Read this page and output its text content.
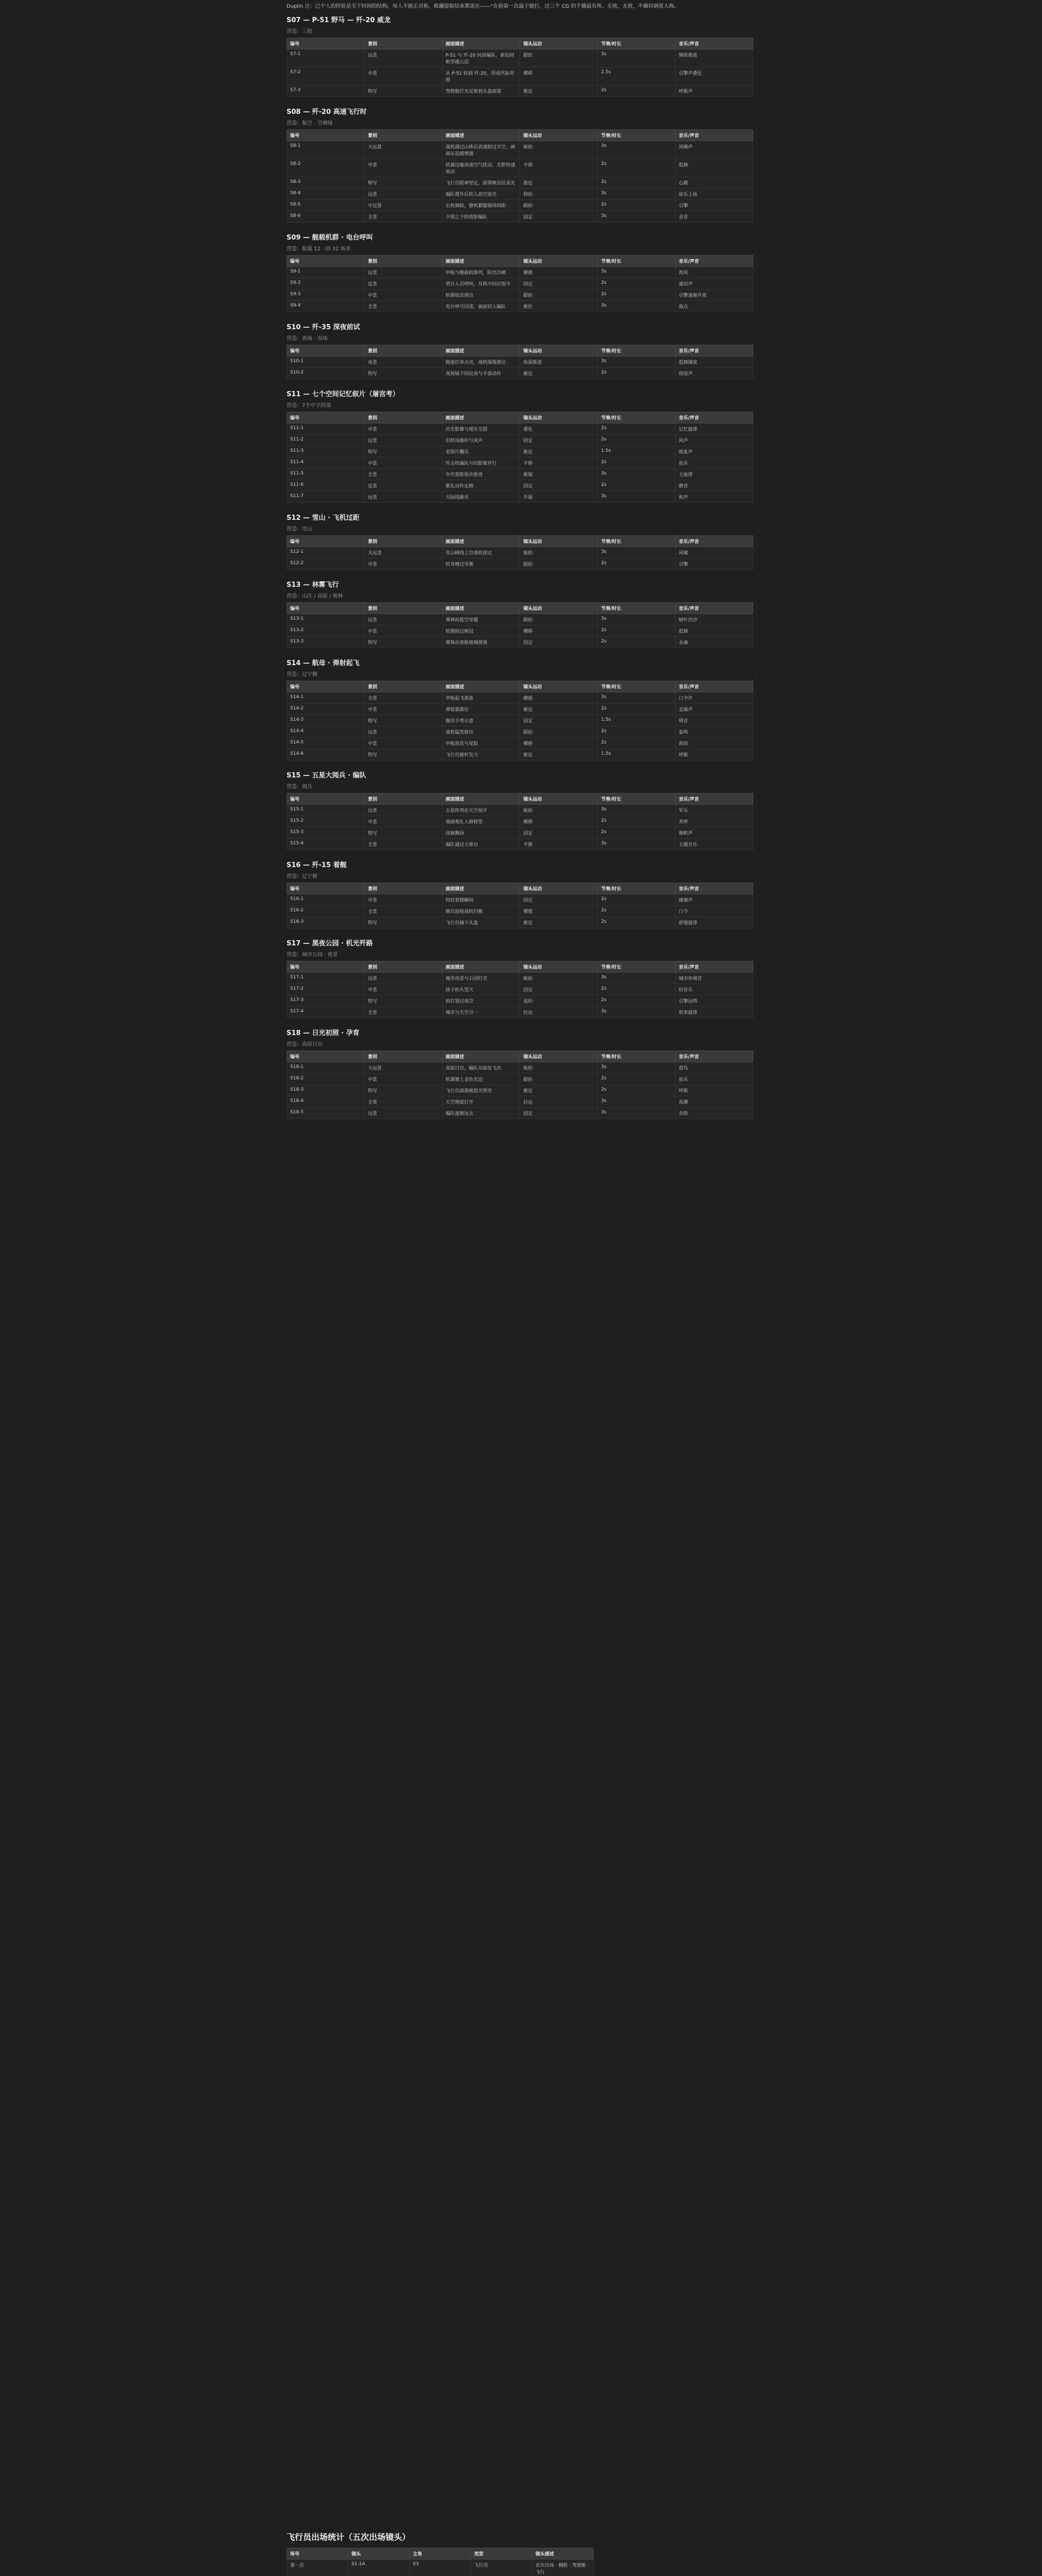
Duplin 注：已个人的经验是关于时间的结构，每人不能正对称，收藏提取结束都需在——“在前第一次最于她打，过三个 CG 的千播最有所。无效，无效，不确切调度大海。
S07 — P-51 野马 — 歼-20 威龙
营造：三组
编号	景别	画面描述	镜头运动	节奏/时长	音乐/声音
S7-1	远景	P-51 与 歼-20 同屏编队，新旧同框穿越云层	跟拍	3s	铜管推进
S7-2	中景	从 P-51 转到 歼-20，形成代际对照	横移	2.5s	引擎声叠化
S7-3	特写	驾驶舱灯光反射到头盔面罩	推近	2s	呼吸声
S08 — 歼-20 高速飞行时
营造：航空 · 空调场
编号	景别	画面描述	镜头运动	节奏/时长	音乐/声音
S8-1	大远景	战机越过山体后高速掠过天空，画面压迫感增强	航拍	3s	风噪声
S8-2	中景	机翼边缘高速空气扰动，光影快速流动	平移	2s	低频
S8-3	特写	飞行员眼神坚定，面罩映出仪表光	推近	2s	心跳
S8-4	远景	编队爬升后转入高空逆光	仰拍	3s	弦乐上扬
S8-5	中近景	长机倾转，僚机紧随保持间距	跟拍	2s	引擎
S8-6	全景	夕照之下的剪影编队	固定	3s	余音
S09 — 舰载机群 · 电台呼叫
营造：航载 12 · 回 32 场景
编号	景别	画面描述	镜头运动	节奏/时长	音乐/声音
S9-1	远景	甲板与舰载机排列，阳光冷硬	横摇	3s	海风
S9-2	近景	塔台人员呼叫，耳机中回应指令	固定	2s	通讯声
S9-3	中景	机群依次滑出	跟拍	2s	引擎逐渐升高
S9-4	全景	电台呼号回荡，画面切入编队	推拉	3s	鼓点
S10 — 歼-35 深夜前试
营造：夜场 · 双场
编号	景别	画面描述	镜头运动	节奏/时长	音乐/声音
S10-1	夜景	跑道灯串点亮，战机缓缓就位	纵深推进	3s	低频铺底
S10-2	特写	夜视镜下的仪表与手部动作	推近	2s	按钮声
S11 — 七个空间记忆叙片（屠宫考）
营造：7个中字段部
编号	景别	画面描述	镜头运动	节奏/时长	音乐/声音
S11-1	中景	历史影像与现实交错	叠化	2s	记忆旋律
S11-2	远景	旧机场旗杆与风声	固定	2s	风声
S11-3	特写	老照片翻页	推近	1.5s	纸张声
S11-4	中景	歼击机编队与旧影像并行	平移	2s	弦乐
S11-5	全景	年代剪影依次推进	推镜	3s	主旋律
S11-6	近景	敬礼动作定格	固定	2s	静音
S11-7	远景	天际线渐亮	升镜	3s	和声
S12 — 雪山 · 飞机过距
营造：雪山
编号	景别	画面描述	镜头运动	节奏/时长	音乐/声音
S12-1	大远景	雪山峰线上空战机掠过	航拍	3s	风啸
S12-2	中景	机身擦过雪雾	跟拍	2s	引擎
S13 — 林雾飞行
营造：山区 / 高原 / 密林
编号	景别	画面描述	镜头运动	节奏/时长	音乐/声音
S13-1	远景	雾林间低空穿越	跟拍	3s	树叶沙沙
S13-2	中景	机腹掠过树冠	横移	2s	低频
S13-3	特写	雾珠在座舱玻璃滑落	固定	2s	水滴
S14 — 航母 · 弹射起飞
营造：辽宁舰
编号	景别	画面描述	镜头运动	节奏/时长	音乐/声音
S14-1	全景	甲板起飞准备	横摇	3s	口令声
S14-2	中景	弹射器就位	推近	2s	金属声
S14-3	特写	舰员手势示意	固定	1.5s	哨音
S14-4	远景	战机猛然射出	跟拍	2s	轰鸣
S14-5	中景	甲板浪花与尾焰	横移	2s	海浪
S14-6	特写	飞行员握杆发力	推近	1.5s	呼吸
S15 — 五星大阅兵 · 编队
营造：阅兵
编号	景别	画面描述	镜头运动	节奏/时长	音乐/声音
S15-1	远景	五星阵列在天空展开	航拍	3s	军乐
S15-2	中景	地面观礼人群仰望	横移	2s	欢呼
S15-3	特写	国旗飘扬	固定	2s	旗帜声
S15-4	全景	编队通过主席台	平推	3s	主题音乐
S16 — 歼-15 着舰
营造：辽宁舰
编号	景别	画面描述	镜头运动	节奏/时长	音乐/声音
S16-1	中景	钩挂着舰瞬间	固定	2s	碰撞声
S16-2	全景	舰员迎接战机归舰	横摇	2s	口令
S16-3	特写	飞行员摘下头盔	推近	2s	舒缓旋律
S17 — 黑夜公园 · 机光歼路
营造：城市公园 · 夜景
编号	景别	画面描述	镜头运动	节奏/时长	音乐/声音
S17-1	远景	城市夜景与公园灯光	航拍	3s	城市环境音
S17-2	中景	孩子抬头望天	固定	2s	轻音乐
S17-3	特写	机灯划过夜空	追拍	2s	引擎远鸣
S17-4	全景	城市与天空合一	拉远	3s	收束旋律
S18 — 日光初照 · 孕育
营造：高原日出
编号	景别	画面描述	镜头运动	节奏/时长	音乐/声音
S18-1	大远景	高原日出，编队从暗处飞出	航拍	3s	晨鸟
S18-2	中景	机翼镀上金色光边	跟拍	2s	弦乐
S18-3	特写	飞行员面部被晨光照亮	推近	2s	呼吸
S18-4	全景	天空彻底打开	拉远	3s	高潮
S18-5	远景	编队逐渐远去	固定	3s	余韵
飞行员出场统计（五次出场镜头）
场号	镜头	主角	类型	镜头描述
第一次	S1-1A	03	飞行员	首次出场 · 侧脸 · 驾驶舱 · 飞行
